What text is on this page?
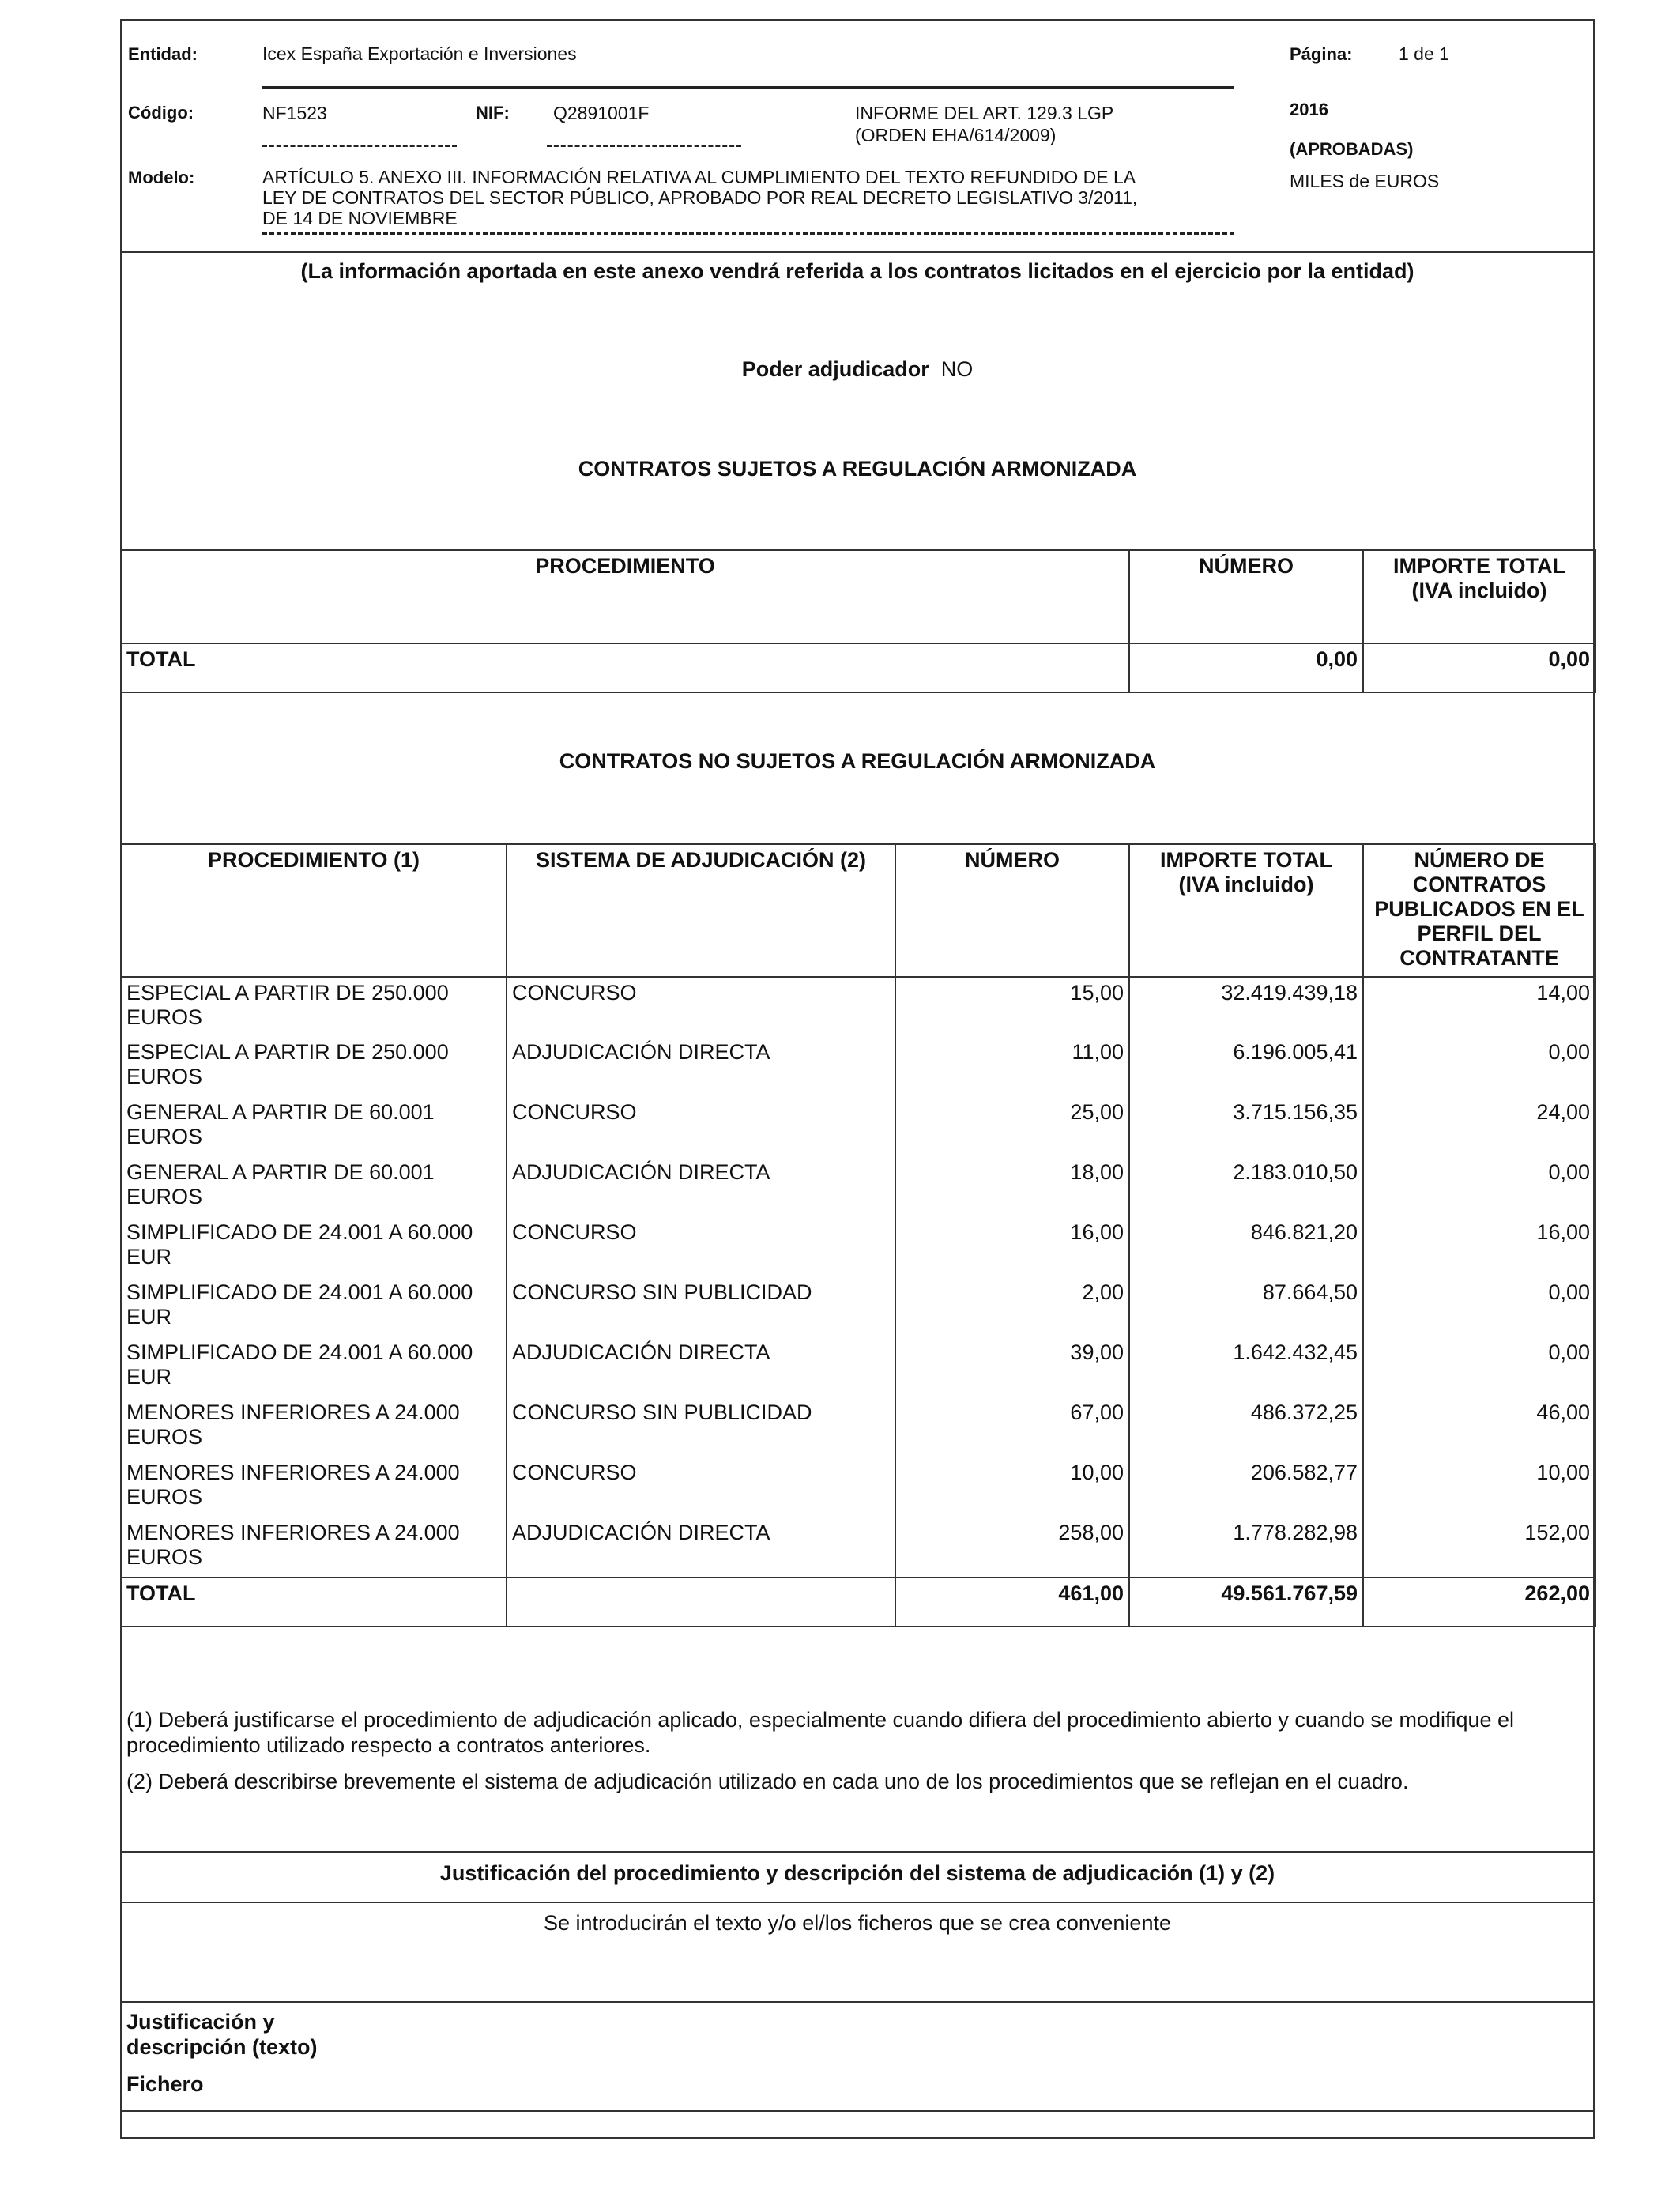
Entidad:	Icex España Exportación e Inversiones	Página:	1 de 1
Código:	NF1523	NIF: Q2891001F	INFORME DEL ART. 129.3 LGP
(ORDEN EHA/614/2009)
2016
(APROBADAS)
MILES de EUROS
Modelo:	ARTÍCULO 5. ANEXO III. INFORMACIÓN RELATIVA AL CUMPLIMIENTO DEL TEXTO REFUNDIDO DE LA
LEY DE CONTRATOS DEL SECTOR PÚBLICO, APROBADO POR REAL DECRETO LEGISLATIVO 3/2011,
DE 14 DE NOVIEMBRE
(La información aportada en este anexo vendrá referida a los contratos licitados en el ejercicio por la entidad)
Poder adjudicador NO
CONTRATOS SUJETOS A REGULACIÓN ARMONIZADA
PROCEDIMIENTO	NÚMERO	IMPORTE TOTAL
(IVA incluido)
TOTAL	0,00	0,00
CONTRATOS NO SUJETOS A REGULACIÓN ARMONIZADA
PROCEDIMIENTO (1)	SISTEMA DE ADJUDICACIÓN (2)	NÚMERO	IMPORTE TOTAL
(IVA incluido)	NÚMERO DE
CONTRATOS
PUBLICADOS EN EL
PERFIL DEL
CONTRATANTE
ESPECIAL A PARTIR DE 250.000
EUROS	CONCURSO	15,00	32.419.439,18	14,00
ESPECIAL A PARTIR DE 250.000
EUROS	ADJUDICACIÓN DIRECTA	11,00	6.196.005,41	0,00
GENERAL A PARTIR DE 60.001
EUROS	CONCURSO	25,00	3.715.156,35	24,00
GENERAL A PARTIR DE 60.001
EUROS	ADJUDICACIÓN DIRECTA	18,00	2.183.010,50	0,00
SIMPLIFICADO DE 24.001 A 60.000
EUR	CONCURSO	16,00	846.821,20	16,00
SIMPLIFICADO DE 24.001 A 60.000
EUR	CONCURSO SIN PUBLICIDAD	2,00	87.664,50	0,00
SIMPLIFICADO DE 24.001 A 60.000
EUR	ADJUDICACIÓN DIRECTA	39,00	1.642.432,45	0,00
MENORES INFERIORES A 24.000
EUROS	CONCURSO SIN PUBLICIDAD	67,00	486.372,25	46,00
MENORES INFERIORES A 24.000
EUROS	CONCURSO	10,00	206.582,77	10,00
MENORES INFERIORES A 24.000
EUROS	ADJUDICACIÓN DIRECTA	258,00	1.778.282,98	152,00
TOTAL		461,00	49.561.767,59	262,00
(1) Deberá justificarse el procedimiento de adjudicación aplicado, especialmente cuando difiera del procedimiento abierto y cuando se modifique el procedimiento utilizado respecto a contratos anteriores.
(2) Deberá describirse brevemente el sistema de adjudicación utilizado en cada uno de los procedimientos que se reflejan en el cuadro.
Justificación del procedimiento y descripción del sistema de adjudicación (1) y (2)
Se introducirán el texto y/o el/los ficheros que se crea conveniente
Justificación y
descripción (texto)
Fichero
